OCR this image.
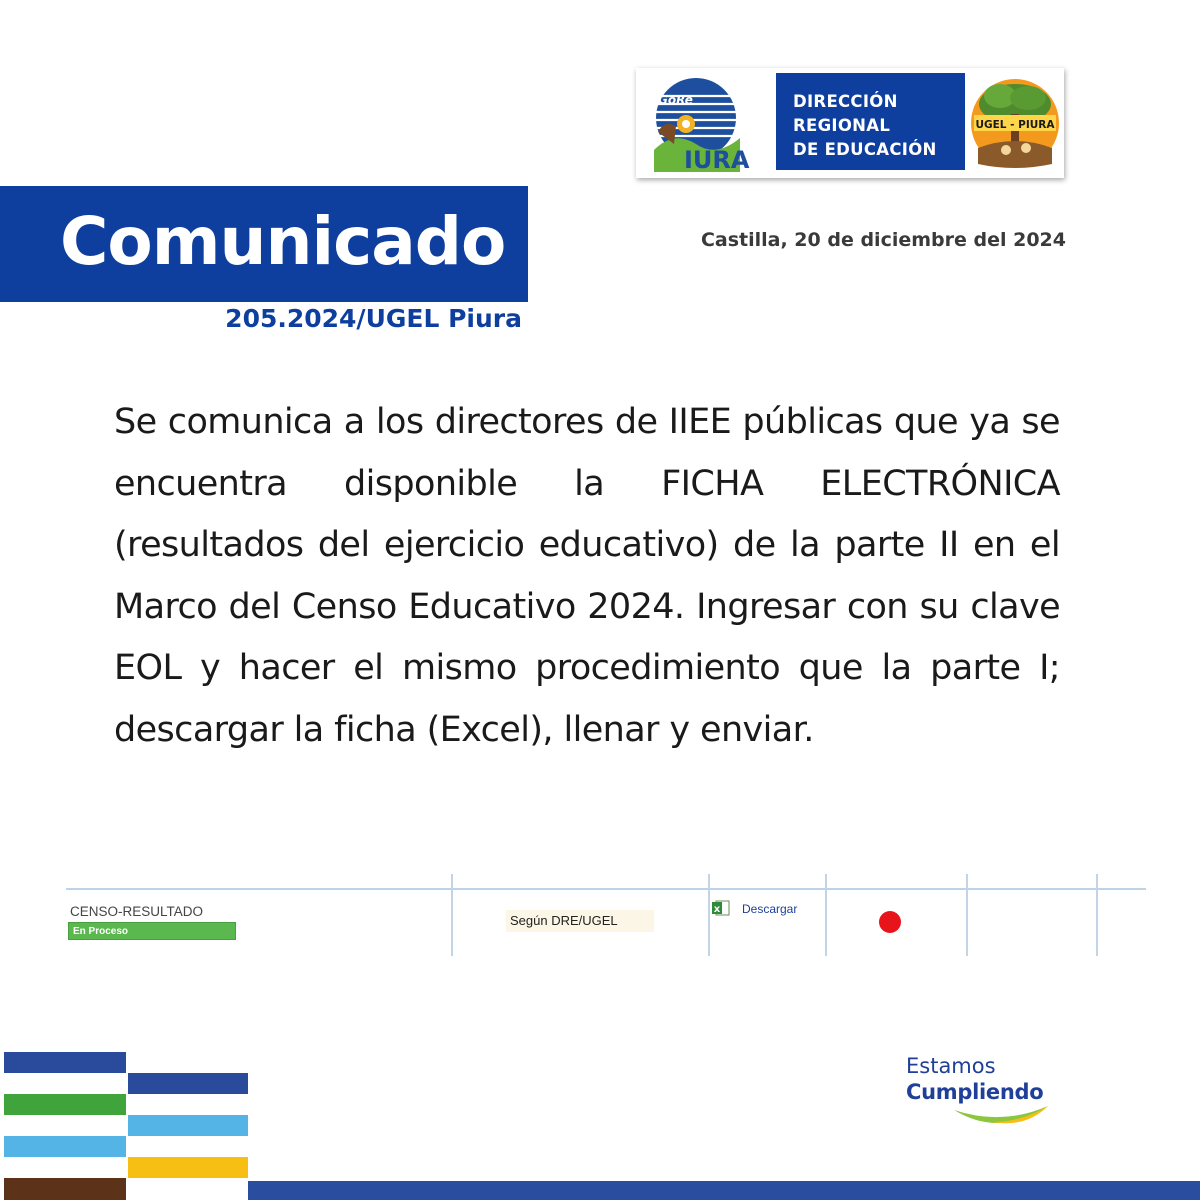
GoRe
IURA
DIRECCIÓN
REGIONAL
DE EDUCACIÓN
UGEL - PIURA
Comunicado	Castilla, 20 de diciembre del 2024
205.2024/UGEL Piura

Se comunica a los directores de IIEE públicas que ya se encuentra disponible la FICHA ELECTRÓNICA (resultados del ejercicio educativo) de la parte II en el Marco del Censo Educativo 2024. Ingresar con su clave EOL y hacer el mismo procedimiento que la parte I; descargar la ficha (Excel), llenar y enviar.

CENSO-RESULTADO
En Proceso
Según DRE/UGEL
x Descargar
Estamos
Cumpliendo
